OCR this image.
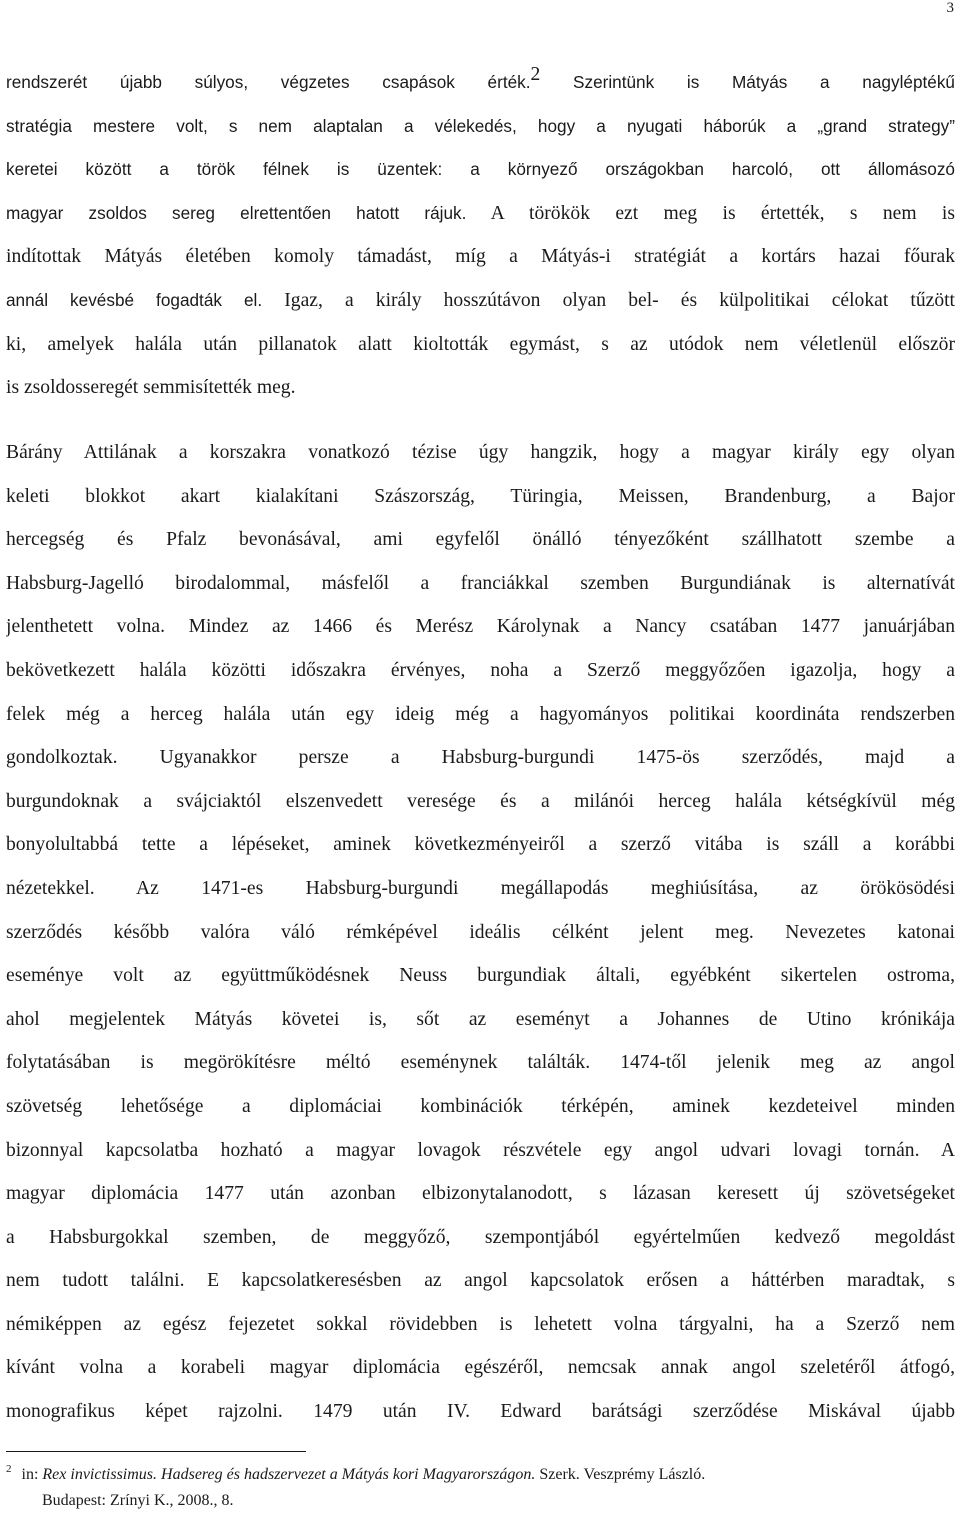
3
rendszerét újabb súlyos, végzetes csapások érték.$^2$ Szerintünk is Mátyás a nagyléptékű
stratégia mestere volt, s nem alaptalan a vélekedés, hogy a nyugati háborúk a „grand strategy”
keretei között a török félnek is üzentek: a környező országokban harcoló, ott állomásozó
magyar zsoldos sereg elrettentően hatott rájuk. A törökök ezt meg is értették, s nem is
indítottak Mátyás életében komoly támadást, míg a Mátyás-i stratégiát a kortárs hazai főurak
annál kevésbé fogadták el. Igaz, a király hosszútávon olyan bel- és külpolitikai célokat tűzött
ki, amelyek halála után pillanatok alatt kioltották egymást, s az utódok nem véletlenül először
is zsoldosseregét semmisítették meg.
Bárány Attilának a korszakra vonatkozó tézise úgy hangzik, hogy a magyar király egy olyan
keleti blokkot akart kialakítani Szászország, Türingia, Meissen, Brandenburg, a Bajor
hercegség és Pfalz bevonásával, ami egyfelől önálló tényezőként szállhatott szembe a
Habsburg-Jagelló birodalommal, másfelől a franciákkal szemben Burgundiának is alternatívát
jelenthetett volna. Mindez az 1466 és Merész Károlynak a Nancy csatában 1477 januárjában
bekövetkezett halála közötti időszakra érvényes, noha a Szerző meggyőzően igazolja, hogy a
felek még a herceg halála után egy ideig még a hagyományos politikai koordináta rendszerben
gondolkoztak. Ugyanakkor persze a Habsburg-burgundi 1475-ös szerződés, majd a
burgundoknak a svájciaktól elszenvedett veresége és a milánói herceg halála kétségkívül még
bonyolultabbá tette a lépéseket, aminek következményeiről a szerző vitába is száll a korábbi
nézetekkel. Az 1471-es Habsburg-burgundi megállapodás meghiúsítása, az örökösödési
szerződés később valóra váló rémképével ideális célként jelent meg. Nevezetes katonai
eseménye volt az együttműködésnek Neuss burgundiak általi, egyébként sikertelen ostroma,
ahol megjelentek Mátyás követei is, sőt az eseményt a Johannes de Utino krónikája
folytatásában is megörökítésre méltó eseménynek találták. 1474-től jelenik meg az angol
szövetség lehetősége a diplomáciai kombinációk térképén, aminek kezdeteivel minden
bizonnyal kapcsolatba hozható a magyar lovagok részvétele egy angol udvari lovagi tornán. A
magyar diplomácia 1477 után azonban elbizonytalanodott, s lázasan keresett új szövetségeket
a Habsburgokkal szemben, de meggyőző, szempontjából egyértelműen kedvező megoldást
nem tudott találni. E kapcsolatkeresésben az angol kapcsolatok erősen a háttérben maradtak, s
némiképpen az egész fejezetet sokkal rövidebben is lehetett volna tárgyalni, ha a Szerző nem
kívánt volna a korabeli magyar diplomácia egészéről, nemcsak annak angol szeletéről átfogó,
monografikus képet rajzolni. 1479 után IV. Edward barátsági szerződése Miskával újabb
$^2$ in: Rex invictissimus. Hadsereg és hadszervezet a Mátyás kori Magyarországon. Szerk. Veszprémy László.
Budapest: Zrínyi K., 2008., 8.
